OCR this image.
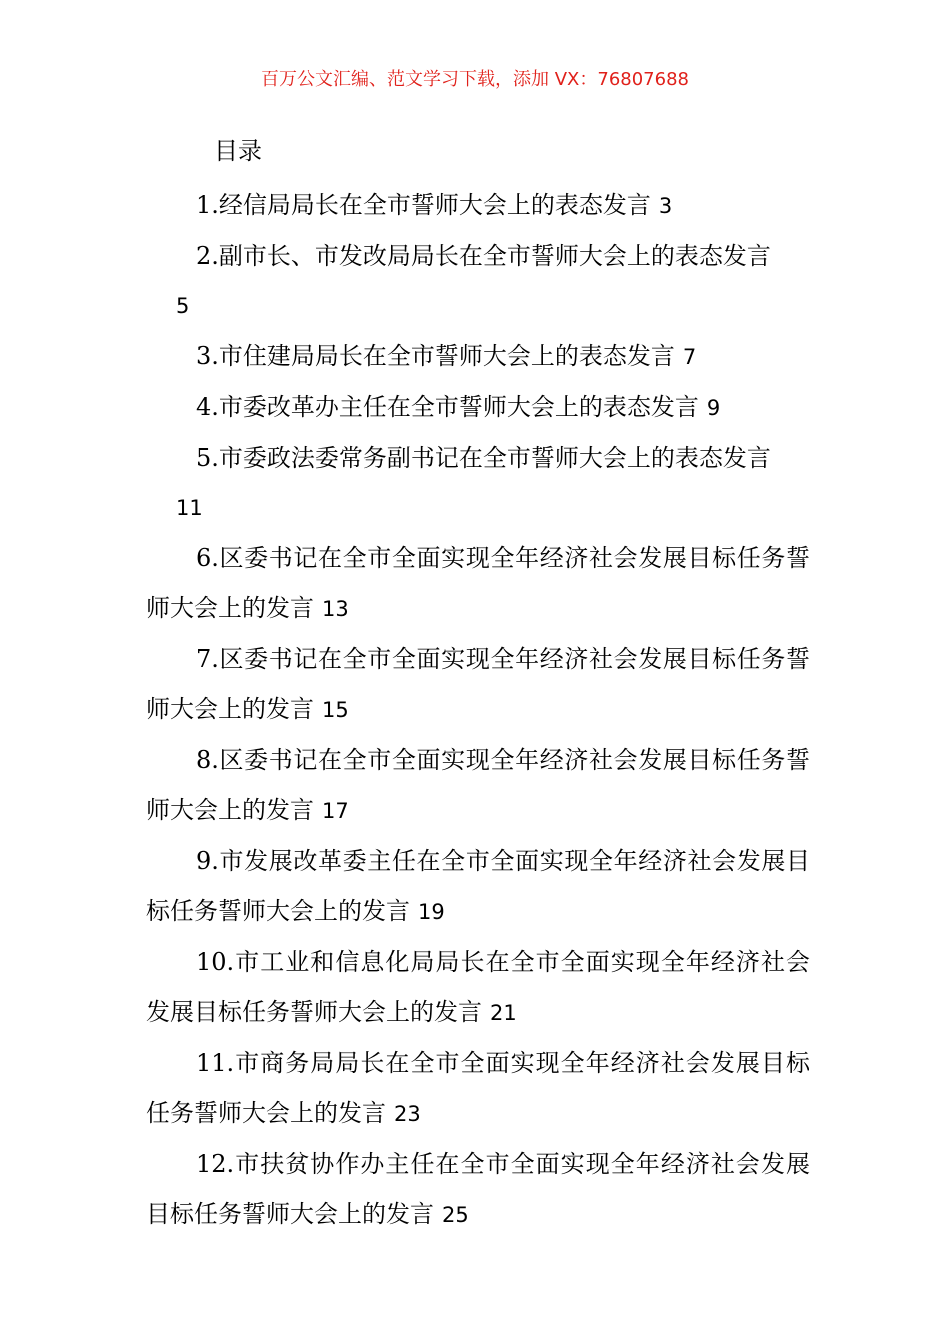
百万公文汇编、范文学习下载，添加 VX：76807688
目录

1.经信局局长在全市誓师大会上的表态发言 3

2.副市长、市发改局局长在全市誓师大会上的表态发言
5

3.市住建局局长在全市誓师大会上的表态发言 7

4.市委改革办主任在全市誓师大会上的表态发言 9

5.市委政法委常务副书记在全市誓师大会上的表态发言
11

6.区委书记在全市全面实现全年经济社会发展目标任务誓师大会上的发言 13

7.区委书记在全市全面实现全年经济社会发展目标任务誓师大会上的发言 15

8.区委书记在全市全面实现全年经济社会发展目标任务誓师大会上的发言 17

9.市发展改革委主任在全市全面实现全年经济社会发展目标任务誓师大会上的发言 19

10.市工业和信息化局局长在全市全面实现全年经济社会发展目标任务誓师大会上的发言 21

11.市商务局局长在全市全面实现全年经济社会发展目标任务誓师大会上的发言 23

12.市扶贫协作办主任在全市全面实现全年经济社会发展目标任务誓师大会上的发言 25
